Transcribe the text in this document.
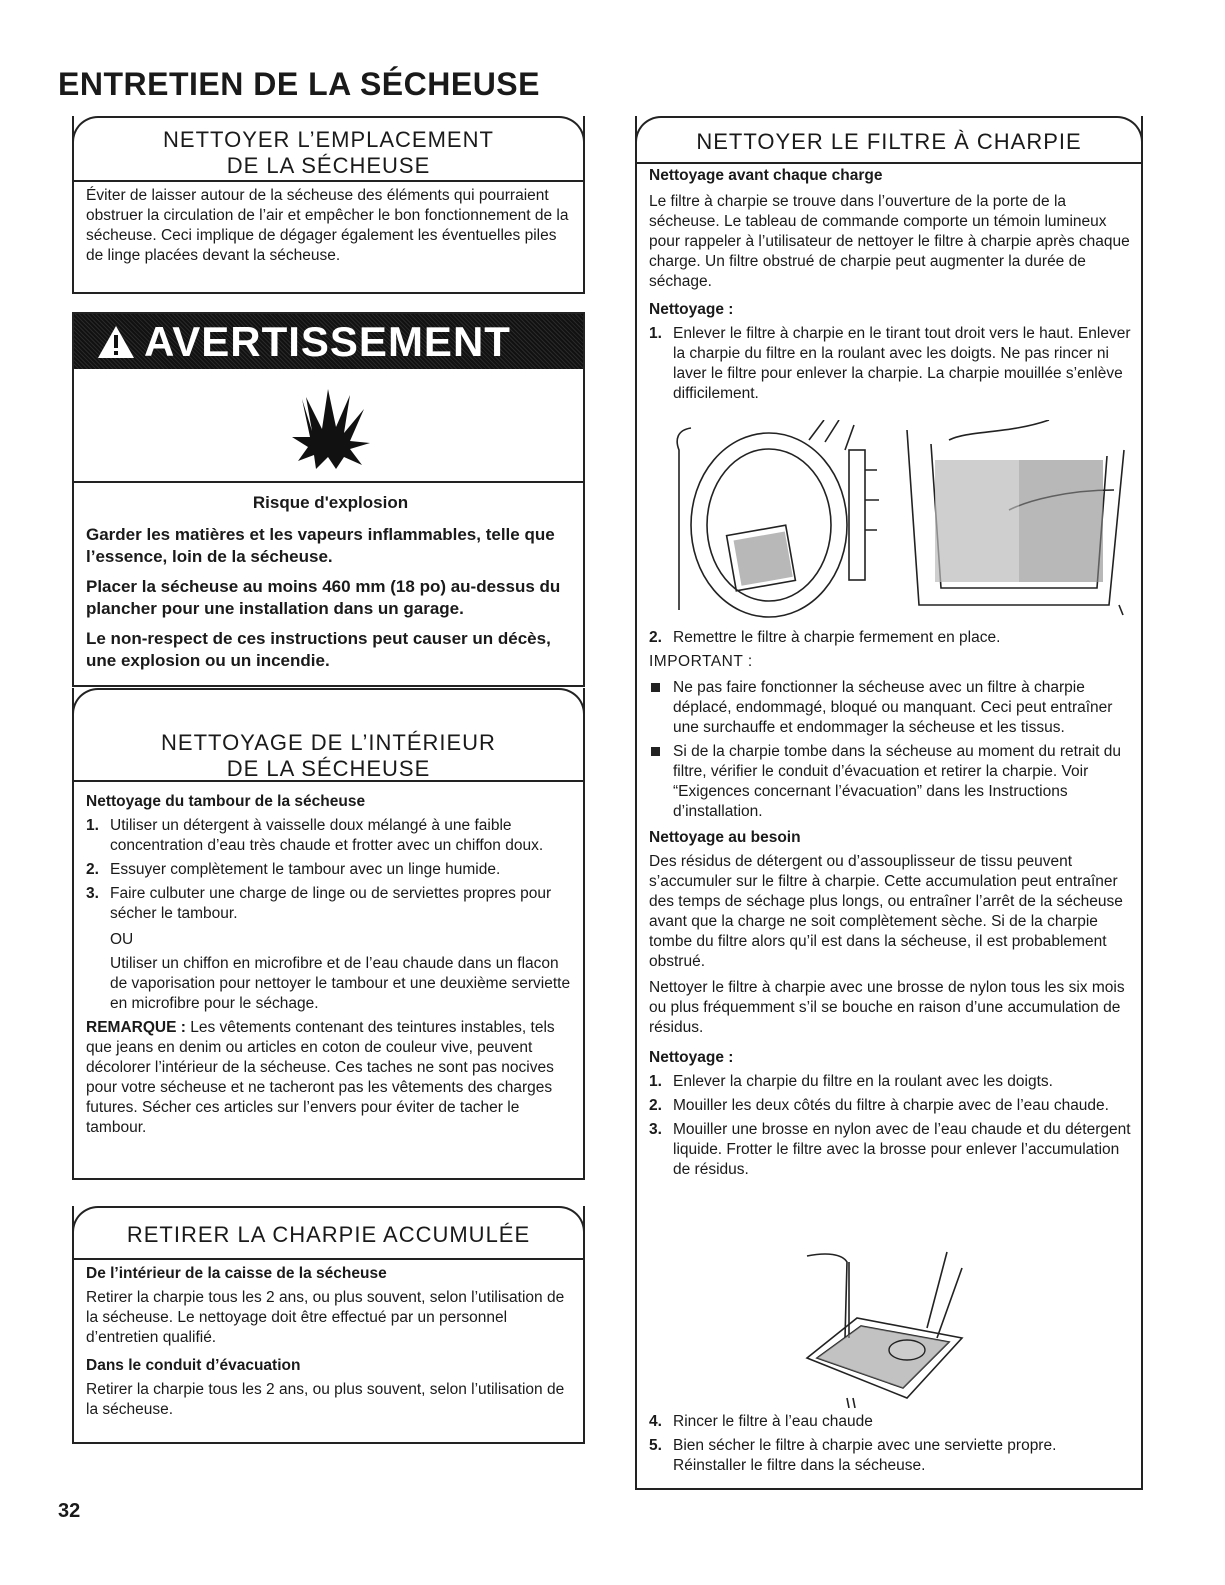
ENTRETIEN DE LA SÉCHEUSE
NETTOYER L’EMPLACEMENT
DE LA SÉCHEUSE

Éviter de laisser autour de la sécheuse des éléments qui pourraient obstruer la circulation de l’air et empêcher le bon fonctionnement de la sécheuse. Ceci implique de dégager également les éventuelles piles de linge placées devant la sécheuse.

AVERTISSEMENT

Risque d'explosion

Garder les matières et les vapeurs inflammables, telle que l’essence, loin de la sécheuse.

Placer la sécheuse au moins 460 mm (18 po) au-dessus du plancher pour une installation dans un garage.

Le non-respect de ces instructions peut causer un décès, une explosion ou un incendie.

NETTOYAGE DE L’INTÉRIEUR
DE LA SÉCHEUSE

Nettoyage du tambour de la sécheuse

1. Utiliser un détergent à vaisselle doux mélangé à une faible concentration d’eau très chaude et frotter avec un chiffon doux.
2. Essuyer complètement le tambour avec un linge humide.
3. Faire culbuter une charge de linge ou de serviettes propres pour sécher le tambour.
OU
Utiliser un chiffon en microfibre et de l’eau chaude dans un flacon de vaporisation pour nettoyer le tambour et une deuxième serviette en microfibre pour le séchage.

REMARQUE : Les vêtements contenant des teintures instables, tels que jeans en denim ou articles en coton de couleur vive, peuvent décolorer l’intérieur de la sécheuse. Ces taches ne sont pas nocives pour votre sécheuse et ne tacheront pas les vêtements des charges futures. Sécher ces articles sur l’envers pour éviter de tacher le tambour.

RETIRER LA CHARPIE ACCUMULÉE

De l’intérieur de la caisse de la sécheuse

Retirer la charpie tous les 2 ans, ou plus souvent, selon l’utilisation de la sécheuse. Le nettoyage doit être effectué par un personnel d’entretien qualifié.

Dans le conduit d’évacuation

Retirer la charpie tous les 2 ans, ou plus souvent, selon l’utilisation de la sécheuse.

NETTOYER LE FILTRE À CHARPIE

Nettoyage avant chaque charge

Le filtre à charpie se trouve dans l’ouverture de la porte de la sécheuse. Le tableau de commande comporte un témoin lumineux pour rappeler à l’utilisateur de nettoyer le filtre à charpie après chaque charge. Un filtre obstrué de charpie peut augmenter la durée de séchage.

Nettoyage :

1. Enlever le filtre à charpie en le tirant tout droit vers le haut. Enlever la charpie du filtre en la roulant avec les doigts. Ne pas rincer ni laver le filtre pour enlever la charpie. La charpie mouillée s’enlève difficilement.
2. Remettre le filtre à charpie fermement en place.

IMPORTANT :

Ne pas faire fonctionner la sécheuse avec un filtre à charpie déplacé, endommagé, bloqué ou manquant. Ceci peut entraîner une surchauffe et endommager la sécheuse et les tissus.
Si de la charpie tombe dans la sécheuse au moment du retrait du filtre, vérifier le conduit d’évacuation et retirer la charpie. Voir “Exigences concernant l’évacuation” dans les Instructions d’installation.

Nettoyage au besoin

Des résidus de détergent ou d’assouplisseur de tissu peuvent s’accumuler sur le filtre à charpie. Cette accumulation peut entraîner des temps de séchage plus longs, ou entraîner l’arrêt de la sécheuse avant que la charge ne soit complètement sèche. Si de la charpie tombe du filtre alors qu’il est dans la sécheuse, il est probablement obstrué.

Nettoyer le filtre à charpie avec une brosse de nylon tous les six mois ou plus fréquemment s’il se bouche en raison d’une accumulation de résidus.

Nettoyage :

1. Enlever la charpie du filtre en la roulant avec les doigts.
2. Mouiller les deux côtés du filtre à charpie avec de l’eau chaude.
3. Mouiller une brosse en nylon avec de l’eau chaude et du détergent liquide. Frotter le filtre avec la brosse pour enlever l’accumulation de résidus.
4. Rincer le filtre à l’eau chaude
5. Bien sécher le filtre à charpie avec une serviette propre. Réinstaller le filtre dans la sécheuse.
32
